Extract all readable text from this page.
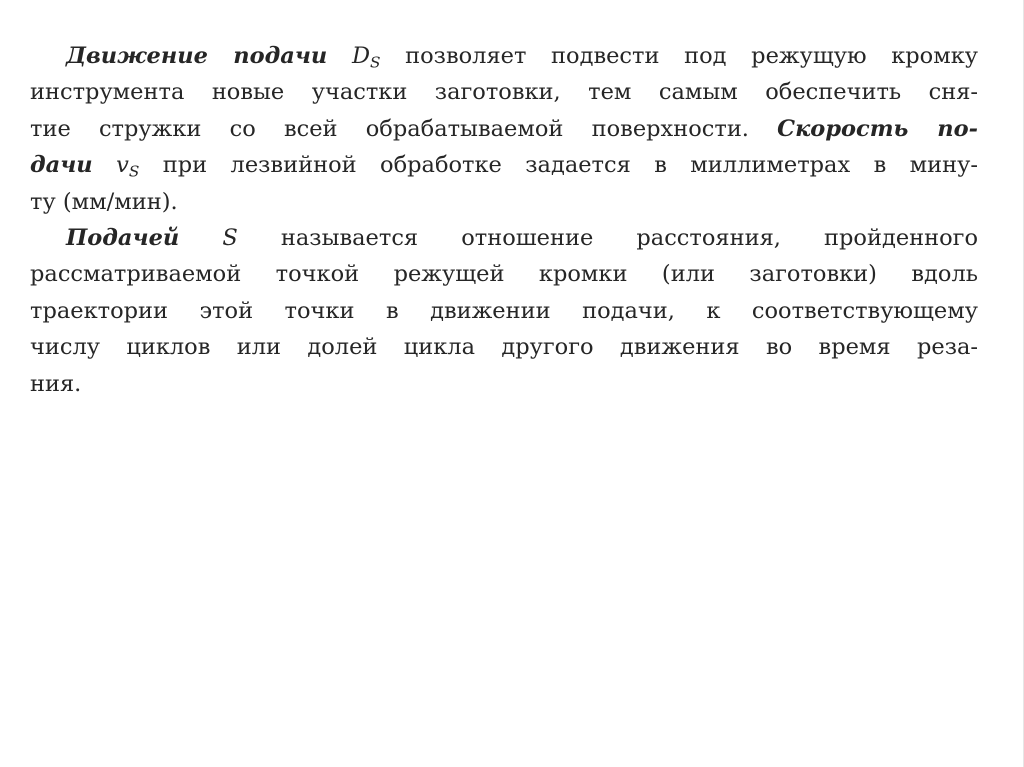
Движение подачи $D_S$ позволяет подвести под режущую кромку
инструмента новые участки заготовки, тем самым обеспечить сня-
тие стружки со всей обрабатываемой поверхности. Скорость по-
дачи $v_S$ при лезвийной обработке задается в миллиметрах в мину-
ту (мм/мин).
Подачей S называется отношение расстояния, пройденного
рассматриваемой точкой режущей кромки (или заготовки) вдоль
траектории этой точки в движении подачи, к соответствующему
числу циклов или долей цикла другого движения во время реза-
ния.
